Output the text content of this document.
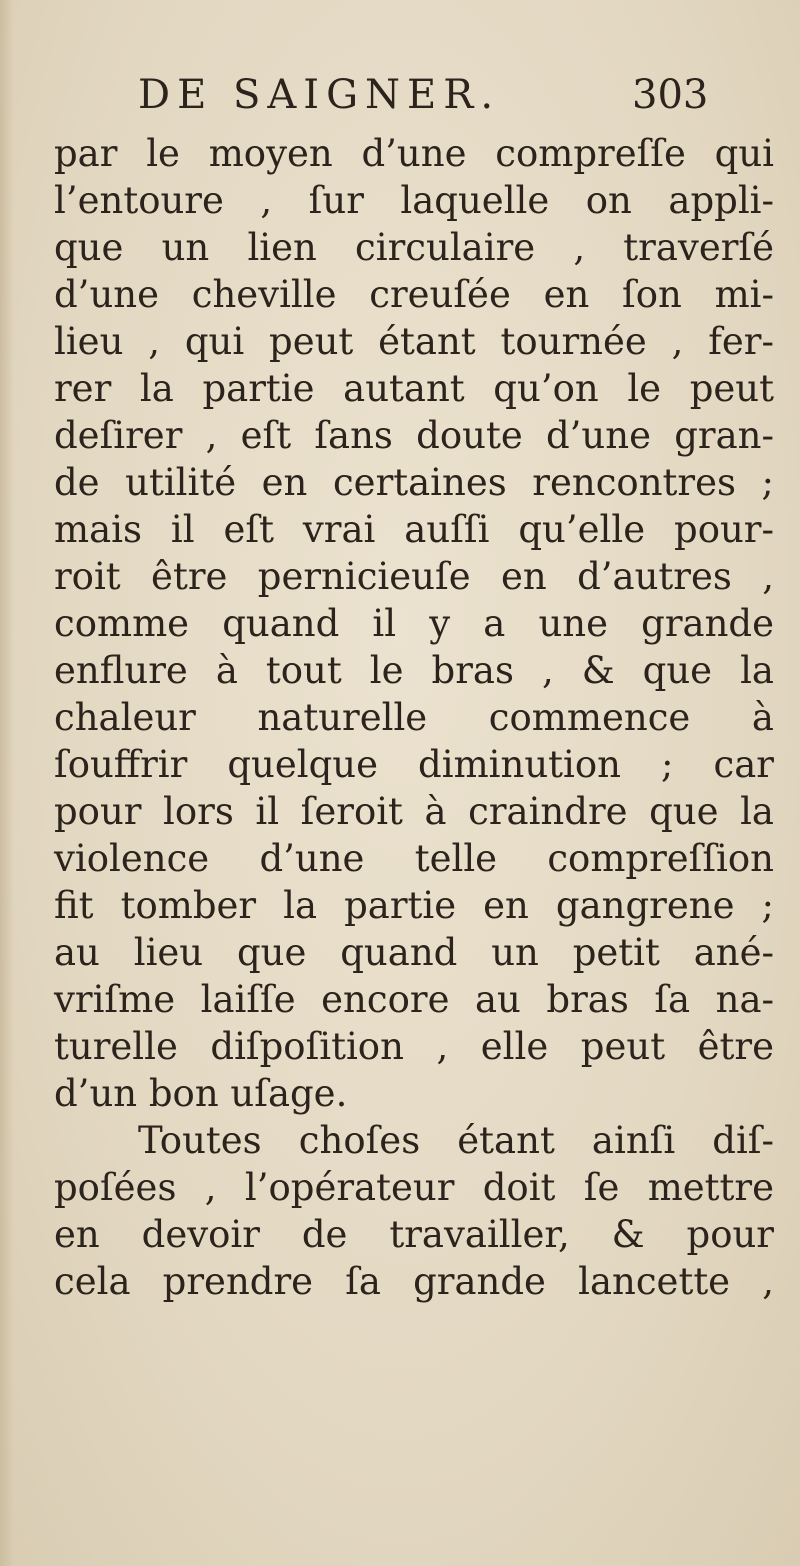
DE SAIGNER.	303
par le moyen d’une compreſſe qui
l’entoure , ſur laquelle on appli-
que un lien circulaire , traverſé
d’une cheville creuſée en ſon mi-
lieu , qui peut étant tournée , fer-
rer la partie autant qu’on le peut
deſirer , eſt ſans doute d’une gran-
de utilité en certaines rencontres ;
mais il eſt vrai auſſi qu’elle pour-
roit être pernicieuſe en d’autres ,
comme quand il y a une grande
enflure à tout le bras , & que la
chaleur naturelle commence à
ſouffrir quelque diminution ; car
pour lors il ſeroit à craindre que la
violence d’une telle compreſſion
fit tomber la partie en gangrene ;
au lieu que quand un petit ané-
vriſme laiſſe encore au bras ſa na-
turelle diſpoſition , elle peut être
d’un bon uſage.
Toutes choſes étant ainſi diſ-
poſées , l’opérateur doit ſe mettre
en devoir de travailler, & pour
cela prendre ſa grande lancette ,
